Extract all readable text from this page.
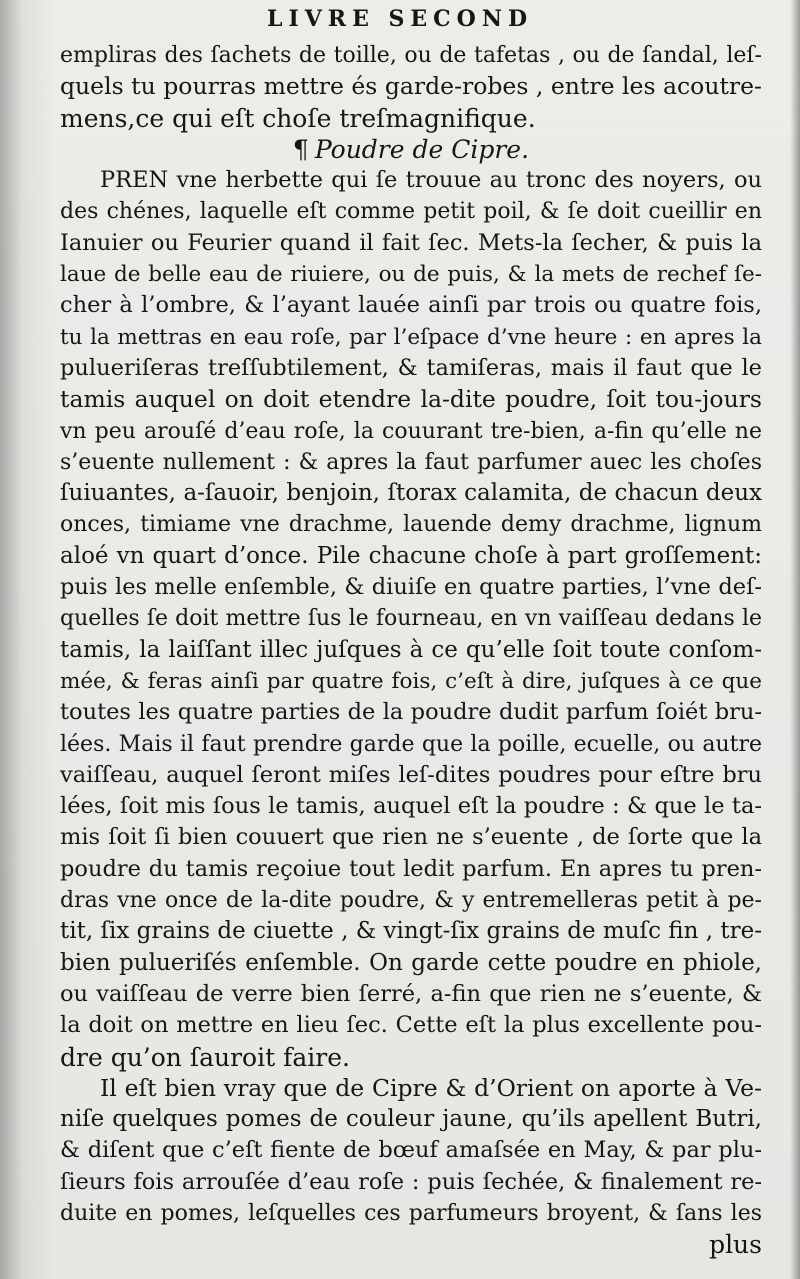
LIVRE SECOND
empliras des ſachets de toille, ou de tafetas , ou de ſandal, leſ-
quels tu pourras mettre és garde-robes , entre les acoutre-
mens,ce qui eſt choſe treſmagnifique.
¶ Poudre de Cipre.
PREN vne herbette qui ſe trouue au tronc des noyers, ou
des chénes, laquelle eſt comme petit poil, & ſe doit cueillir en
Ianuier ou Feurier quand il fait ſec. Mets-la ſecher, & puis la
laue de belle eau de riuiere, ou de puis, & la mets de rechef ſe-
cher à l’ombre, & l’ayant lauée ainſi par trois ou quatre fois,
tu la mettras en eau roſe, par l’eſpace d’vne heure : en apres la
pulueriſeras treſſubtilement, & tamiſeras, mais il faut que le
tamis auquel on doit etendre la-dite poudre, ſoit tou-jours
vn peu arouſé d’eau roſe, la couurant tre-bien, a-fin qu’elle ne
s’euente nullement : & apres la faut parfumer auec les choſes
ſuiuantes, a-ſauoir, benjoin, ſtorax calamita, de chacun deux
onces, timiame vne drachme, lauende demy drachme, lignum
aloé vn quart d’once. Pile chacune choſe à part groſſement:
puis les melle enſemble, & diuiſe en quatre parties, l’vne deſ-
quelles ſe doit mettre ſus le fourneau, en vn vaiſſeau dedans le
tamis, la laiſſant illec juſques à ce qu’elle ſoit toute conſom-
mée, & feras ainſi par quatre fois, c’eſt à dire, juſques à ce que
toutes les quatre parties de la poudre dudit parfum ſoiét bru-
lées. Mais il faut prendre garde que la poille, ecuelle, ou autre
vaiſſeau, auquel ſeront miſes leſ-dites poudres pour eſtre bru
lées, ſoit mis ſous le tamis, auquel eſt la poudre : & que le ta-
mis ſoit ſi bien couuert que rien ne s’euente , de ſorte que la
poudre du tamis reçoiue tout ledit parfum. En apres tu pren-
dras vne once de la-dite poudre, & y entremelleras petit à pe-
tit, ſix grains de ciuette , & vingt-ſix grains de muſc fin , tre-
bien pulueriſés enſemble. On garde cette poudre en phiole,
ou vaiſſeau de verre bien ſerré, a-fin que rien ne s’euente, &
la doit on mettre en lieu ſec. Cette eſt la plus excellente pou-
dre qu’on ſauroit faire.
Il eſt bien vray que de Cipre & d’Orient on aporte à Ve-
niſe quelques pomes de couleur jaune, qu’ils apellent Butri,
& diſent que c’eſt fiente de bœuf amaſsée en May, & par plu-
ſieurs fois arrouſée d’eau roſe : puis ſechée, & finalement re-
duite en pomes, leſquelles ces parfumeurs broyent, & ſans les
plus
